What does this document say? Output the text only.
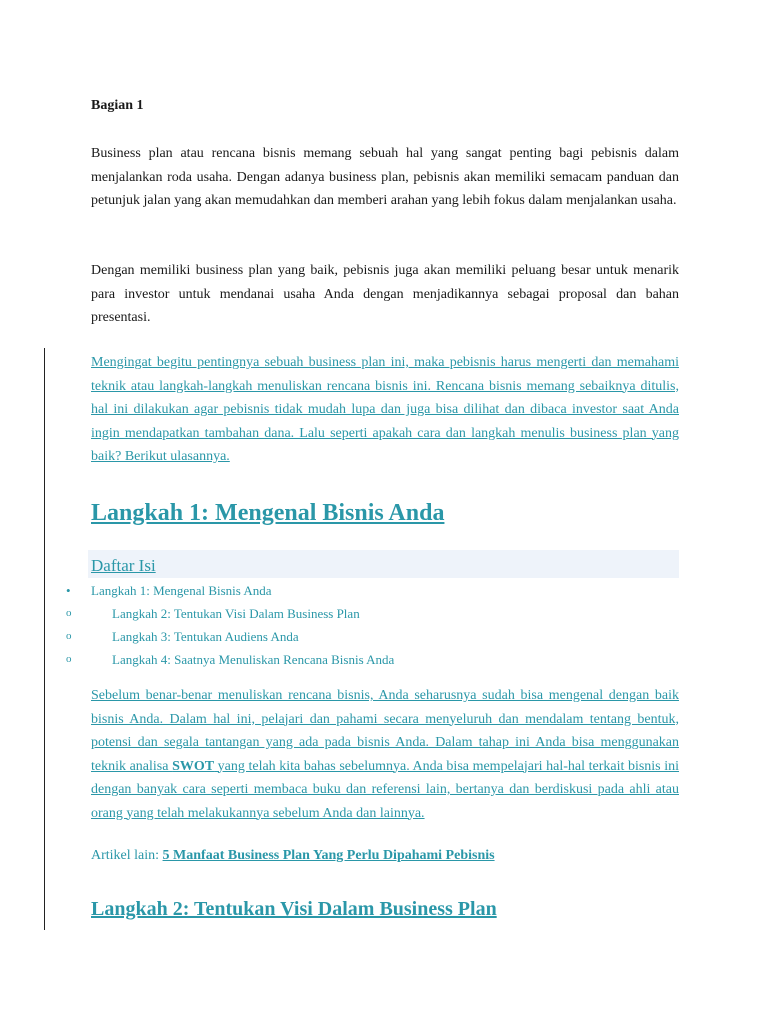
Bagian 1

Business plan atau rencana bisnis memang sebuah hal yang sangat penting bagi pebisnis dalam menjalankan roda usaha. Dengan adanya business plan, pebisnis akan memiliki semacam panduan dan petunjuk jalan yang akan memudahkan dan memberi arahan yang lebih fokus dalam menjalankan usaha.

Dengan memiliki business plan yang baik, pebisnis juga akan memiliki peluang besar untuk menarik para investor untuk mendanai usaha Anda dengan menjadikannya sebagai proposal dan bahan presentasi.

Mengingat begitu pentingnya sebuah business plan ini, maka pebisnis harus mengerti dan memahami teknik atau langkah-langkah menuliskan rencana bisnis ini. Rencana bisnis memang sebaiknya ditulis, hal ini dilakukan agar pebisnis tidak mudah lupa dan juga bisa dilihat dan dibaca investor saat Anda ingin mendapatkan tambahan dana. Lalu seperti apakah cara dan langkah menulis business plan yang baik? Berikut ulasannya.

Langkah 1: Mengenal Bisnis Anda

Daftar Isi

• Langkah 1: Mengenal Bisnis Anda
o	Langkah 2: Tentukan Visi Dalam Business Plan
o	Langkah 3: Tentukan Audiens Anda
o	Langkah 4: Saatnya Menuliskan Rencana Bisnis Anda

Sebelum benar-benar menuliskan rencana bisnis, Anda seharusnya sudah bisa mengenal dengan baik bisnis Anda. Dalam hal ini, pelajari dan pahami secara menyeluruh dan mendalam tentang bentuk, potensi dan segala tantangan yang ada pada bisnis Anda. Dalam tahap ini Anda bisa menggunakan teknik analisa SWOT yang telah kita bahas sebelumnya. Anda bisa mempelajari hal-hal terkait bisnis ini dengan banyak cara seperti membaca buku dan referensi lain, bertanya dan berdiskusi pada ahli atau orang yang telah melakukannya sebelum Anda dan lainnya.

Artikel lain: 5 Manfaat Business Plan Yang Perlu Dipahami Pebisnis

Langkah 2: Tentukan Visi Dalam Business Plan
